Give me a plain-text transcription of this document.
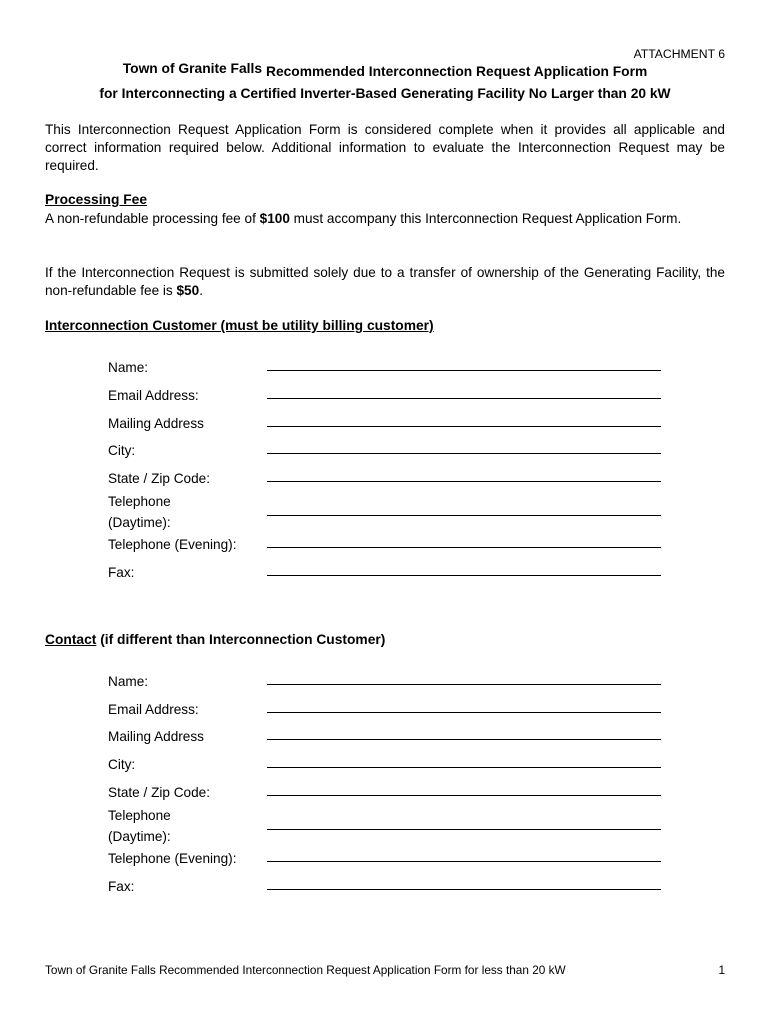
ATTACHMENT 6
Town of Granite Falls Recommended Interconnection Request Application Form
for Interconnecting a Certified Inverter-Based Generating Facility No Larger than 20 kW
This Interconnection Request Application Form is considered complete when it provides all applicable and correct information required below. Additional information to evaluate the Interconnection Request may be required.
Processing Fee
A non-refundable processing fee of $100 must accompany this Interconnection Request Application Form.
If the Interconnection Request is submitted solely due to a transfer of ownership of the Generating Facility, the non-refundable fee is $50.
Interconnection Customer (must be utility billing customer)
Name:
Email Address:
Mailing Address
City:
State / Zip Code:
Telephone
(Daytime):
Telephone (Evening):
Fax:
Contact (if different than Interconnection Customer)
Name:
Email Address:
Mailing Address
City:
State / Zip Code:
Telephone
(Daytime):
Telephone (Evening):
Fax:
Town of Granite Falls Recommended Interconnection Request Application Form for less than 20 kW	1
